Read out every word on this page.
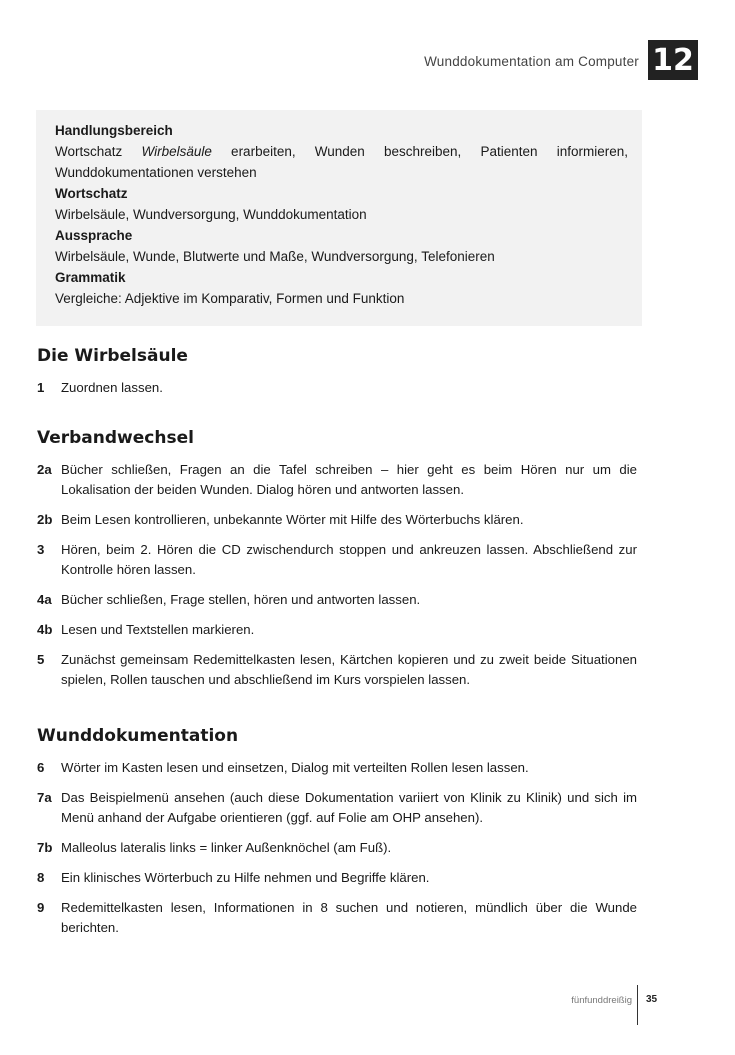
Wunddokumentation am Computer 12
Handlungsbereich
Wortschatz Wirbelsäule erarbeiten, Wunden beschreiben, Patienten informieren, Wunddokumentationen verstehen
Wortschatz
Wirbelsäule, Wundversorgung, Wunddokumentation
Aussprache
Wirbelsäule, Wunde, Blutwerte und Maße, Wundversorgung, Telefonieren
Grammatik
Vergleiche: Adjektive im Komparativ, Formen und Funktion
Die Wirbelsäule
1 Zuordnen lassen.
Verbandwechsel
2a Bücher schließen, Fragen an die Tafel schreiben – hier geht es beim Hören nur um die Lokalisation der beiden Wunden. Dialog hören und antworten lassen.
2b Beim Lesen kontrollieren, unbekannte Wörter mit Hilfe des Wörterbuchs klären.
3 Hören, beim 2. Hören die CD zwischendurch stoppen und ankreuzen lassen. Abschließend zur Kontrolle hören lassen.
4a Bücher schließen, Frage stellen, hören und antworten lassen.
4b Lesen und Textstellen markieren.
5 Zunächst gemeinsam Redemittelkasten lesen, Kärtchen kopieren und zu zweit beide Situationen spielen, Rollen tauschen und abschließend im Kurs vorspielen lassen.
Wunddokumentation
6 Wörter im Kasten lesen und einsetzen, Dialog mit verteilten Rollen lesen lassen.
7a Das Beispielmenü ansehen (auch diese Dokumentation variiert von Klinik zu Klinik) und sich im Menü anhand der Aufgabe orientieren (ggf. auf Folie am OHP ansehen).
7b Malleolus lateralis links = linker Außenknöchel (am Fuß).
8 Ein klinisches Wörterbuch zu Hilfe nehmen und Begriffe klären.
9 Redemittelkasten lesen, Informationen in 8 suchen und notieren, mündlich über die Wunde berichten.
fünfunddreißig 35
